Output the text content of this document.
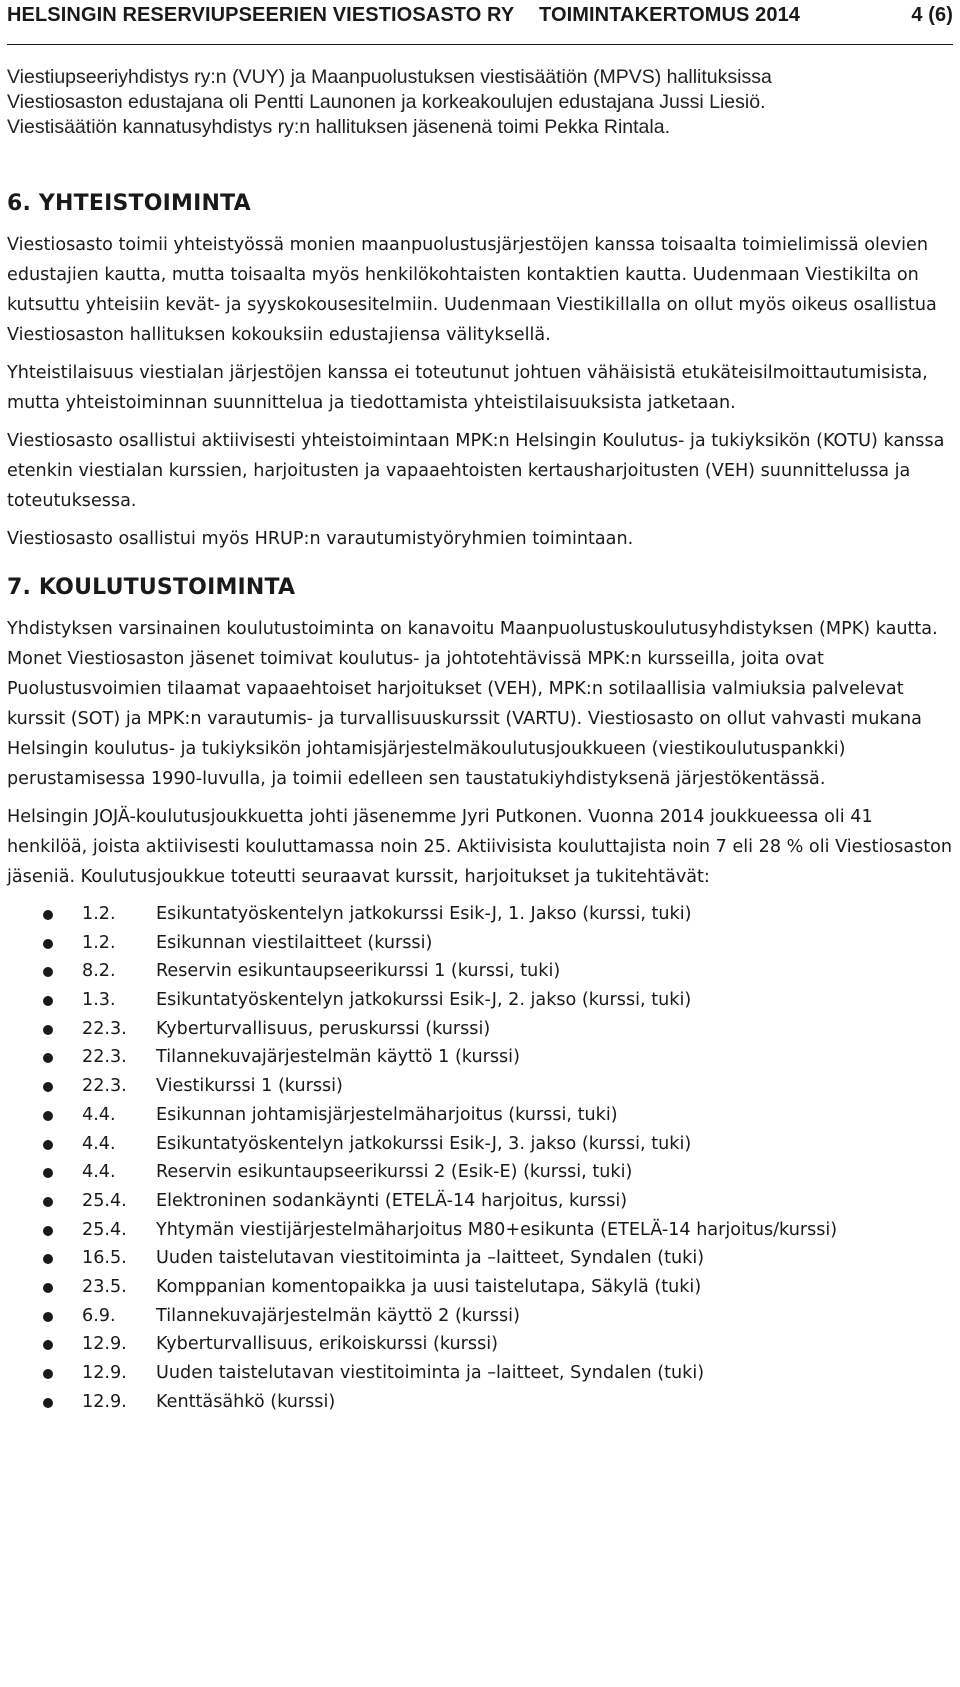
HELSINGIN RESERVIUPSEERIEN VIESTIOSASTO RY TOIMINTAKERTOMUS 2014	4 (6)

Viestiupseeriyhdistys ry:n (VUY) ja Maanpuolustuksen viestisäätiön (MPVS) hallituksissa

Viestiosaston edustajana oli Pentti Launonen ja korkeakoulujen edustajana Jussi Liesiö.

Viestisäätiön kannatusyhdistys ry:n hallituksen jäsenenä toimi Pekka Rintala.

6. YHTEISTOIMINTA

Viestiosasto toimii yhteistyössä monien maanpuolustusjärjestöjen kanssa toisaalta toimielimissä olevien edustajien kautta, mutta toisaalta myös henkilökohtaisten kontaktien kautta. Uudenmaan Viestikilta on kutsuttu yhteisiin kevät- ja syyskokousesitelmiin. Uudenmaan Viestikillalla on ollut myös oikeus osallistua Viestiosaston hallituksen kokouksiin edustajiensa välityksellä.

Yhteistilaisuus viestialan järjestöjen kanssa ei toteutunut johtuen vähäisistä etukäteisilmoittautumisista, mutta yhteistoiminnan suunnittelua ja tiedottamista yhteistilaisuuksista jatketaan.

Viestiosasto osallistui aktiivisesti yhteistoimintaan MPK:n Helsingin Koulutus- ja tukiyksikön (KOTU) kanssa etenkin viestialan kurssien, harjoitusten ja vapaaehtoisten kertausharjoitusten (VEH) suunnittelussa ja toteutuksessa.

Viestiosasto osallistui myös HRUP:n varautumistyöryhmien toimintaan.

7. KOULUTUSTOIMINTA

Yhdistyksen varsinainen koulutustoiminta on kanavoitu Maanpuolustuskoulutusyhdistyksen (MPK) kautta. Monet Viestiosaston jäsenet toimivat koulutus- ja johtotehtävissä MPK:n kursseilla, joita ovat Puolustusvoimien tilaamat vapaaehtoiset harjoitukset (VEH), MPK:n sotilaallisia valmiuksia palvelevat kurssit (SOT) ja MPK:n varautumis- ja turvallisuuskurssit (VARTU). Viestiosasto on ollut vahvasti mukana Helsingin koulutus- ja tukiyksikön johtamisjärjestelmäkoulutusjoukkueen (viestikoulutuspankki) perustamisessa 1990-luvulla, ja toimii edelleen sen taustatukiyhdistyksenä järjestökentässä.

Helsingin JOJÄ-koulutusjoukkuetta johti jäsenemme Jyri Putkonen. Vuonna 2014 joukkueessa oli 41 henkilöä, joista aktiivisesti kouluttamassa noin 25. Aktiivisista kouluttajista noin 7 eli 28 % oli Viestiosaston jäseniä. Koulutusjoukkue toteutti seuraavat kurssit, harjoitukset ja tukitehtävät:

1.2. Esikuntatyöskentelyn jatkokurssi Esik-J, 1. Jakso (kurssi, tuki)
1.2. Esikunnan viestilaitteet (kurssi)
8.2. Reservin esikuntaupseerikurssi 1 (kurssi, tuki)
1.3. Esikuntatyöskentelyn jatkokurssi Esik-J, 2. jakso (kurssi, tuki)
22.3. Kyberturvallisuus, peruskurssi (kurssi)
22.3. Tilannekuvajärjestelmän käyttö 1 (kurssi)
22.3. Viestikurssi 1 (kurssi)
4.4. Esikunnan johtamisjärjestelmäharjoitus (kurssi, tuki)
4.4. Esikuntatyöskentelyn jatkokurssi Esik-J, 3. jakso (kurssi, tuki)
4.4. Reservin esikuntaupseerikurssi 2 (Esik-E) (kurssi, tuki)
25.4. Elektroninen sodankäynti (ETELÄ-14 harjoitus, kurssi)
25.4. Yhtymän viestijärjestelmäharjoitus M80+esikunta (ETELÄ-14 harjoitus/kurssi)
16.5. Uuden taistelutavan viestitoiminta ja –laitteet, Syndalen (tuki)
23.5. Komppanian komentopaikka ja uusi taistelutapa, Säkylä (tuki)
6.9. Tilannekuvajärjestelmän käyttö 2 (kurssi)
12.9. Kyberturvallisuus, erikoiskurssi (kurssi)
12.9. Uuden taistelutavan viestitoiminta ja –laitteet, Syndalen (tuki)
12.9. Kenttäsähkö (kurssi)
